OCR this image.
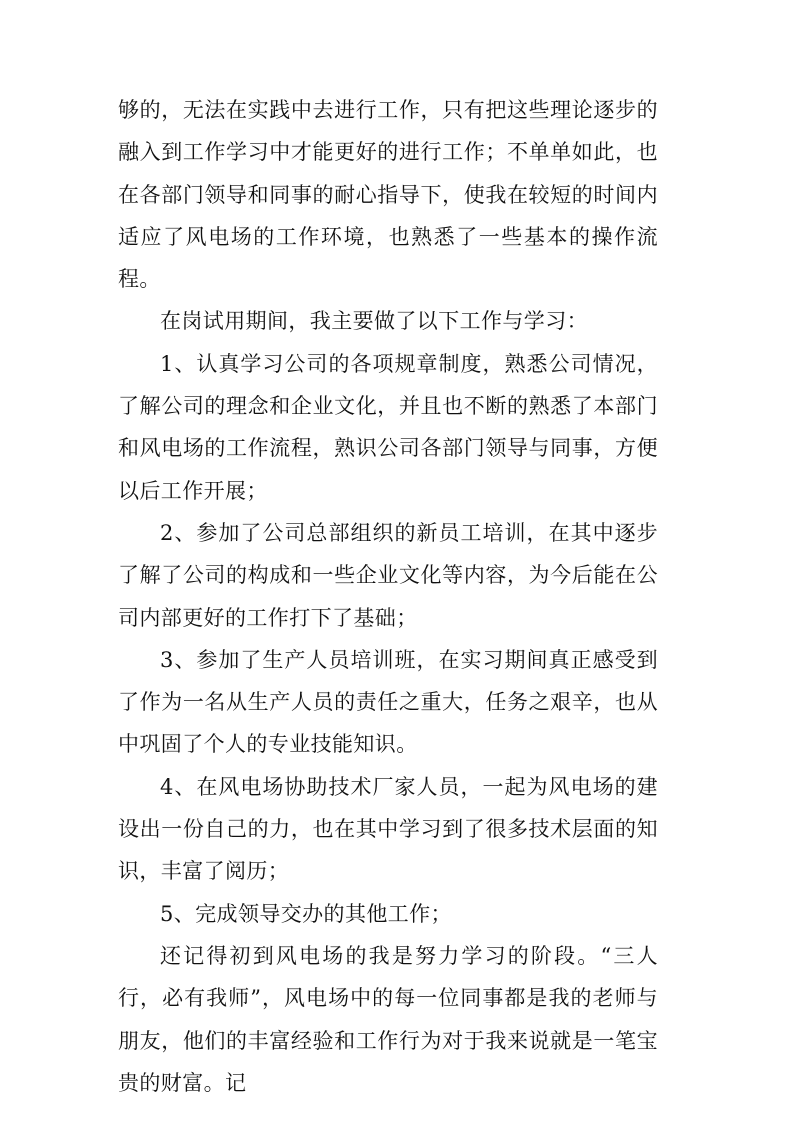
够的，无法在实践中去进行工作，只有把这些理论逐步的融入到工作学习中才能更好的进行工作；不单单如此，也在各部门领导和同事的耐心指导下，使我在较短的时间内适应了风电场的工作环境，也熟悉了一些基本的操作流程。

在岗试用期间，我主要做了以下工作与学习：

1、认真学习公司的各项规章制度，熟悉公司情况，了解公司的理念和企业文化，并且也不断的熟悉了本部门和风电场的工作流程，熟识公司各部门领导与同事，方便以后工作开展；

2、参加了公司总部组织的新员工培训，在其中逐步了解了公司的构成和一些企业文化等内容，为今后能在公司内部更好的工作打下了基础；

3、参加了生产人员培训班，在实习期间真正感受到了作为一名从生产人员的责任之重大，任务之艰辛，也从中巩固了个人的专业技能知识。

4、在风电场协助技术厂家人员，一起为风电场的建设出一份自己的力，也在其中学习到了很多技术层面的知识，丰富了阅历；

5、完成领导交办的其他工作；

还记得初到风电场的我是努力学习的阶段。“三人行，必有我师”，风电场中的每一位同事都是我的老师与朋友，他们的丰富经验和工作行为对于我来说就是一笔宝贵的财富。记
